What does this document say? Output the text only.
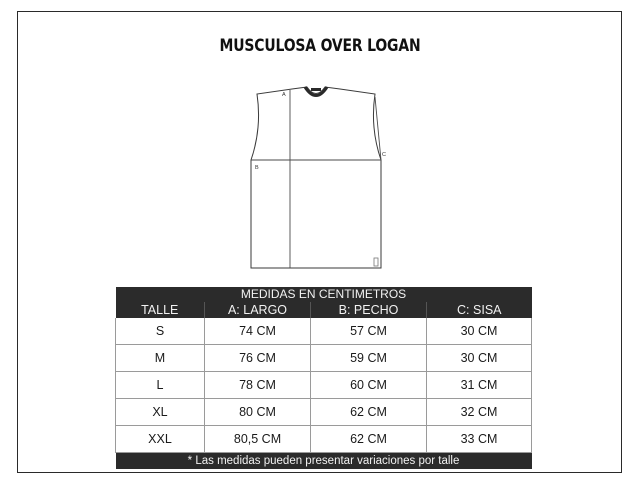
MUSCULOSA OVER LOGAN
A
B
C
MEDIDAS EN CENTIMETROS			
TALLE	A: LARGO	B: PECHO	C: SISA
S	74 CM	57 CM	30 CM
M	76 CM	59 CM	30 CM
L	78 CM	60 CM	31 CM
XL	80 CM	62 CM	32 CM
XXL	80,5 CM	62 CM	33 CM
* Las medidas pueden presentar variaciones por talle			
